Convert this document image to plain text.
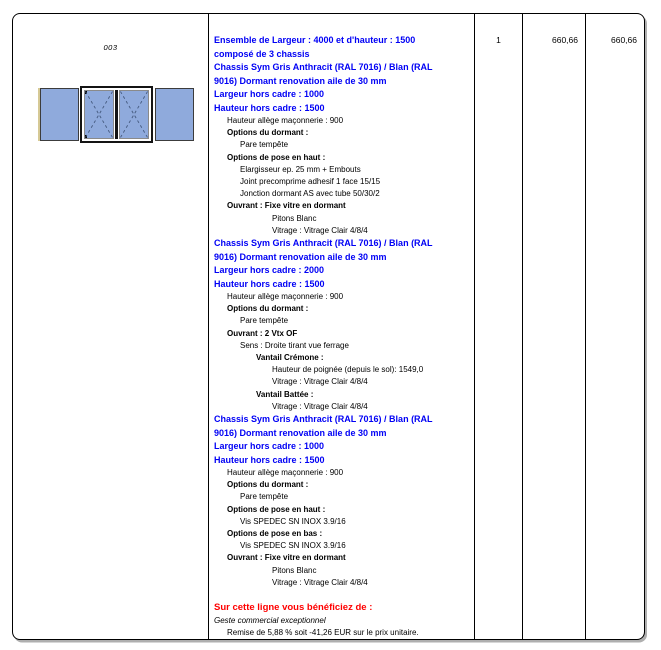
003
Ensemble de Largeur : 4000 et d'hauteur : 1500
composé de 3 chassis
Chassis Sym Gris Anthracit (RAL 7016) / Blan (RAL
9016) Dormant renovation aile de 30 mm
Largeur hors cadre : 1000
Hauteur hors cadre : 1500
Hauteur allège maçonnerie : 900
Options du dormant :
Pare tempête
Options de pose en haut :
Elargisseur ep. 25 mm + Embouts
Joint precomprime adhesif 1 face 15/15
Jonction dormant AS avec tube 50/30/2
Ouvrant : Fixe vitre en dormant
Pitons Blanc
Vitrage : Vitrage Clair 4/8/4
Chassis Sym Gris Anthracit (RAL 7016) / Blan (RAL
9016) Dormant renovation aile de 30 mm
Largeur hors cadre : 2000
Hauteur hors cadre : 1500
Hauteur allège maçonnerie : 900
Options du dormant :
Pare tempête
Ouvrant : 2 Vtx OF
Sens : Droite tirant vue ferrage
Vantail Crémone :
Hauteur de poignée (depuis le sol): 1549,0
Vitrage : Vitrage Clair 4/8/4
Vantail Battée :
Vitrage : Vitrage Clair 4/8/4
Chassis Sym Gris Anthracit (RAL 7016) / Blan (RAL
9016) Dormant renovation aile de 30 mm
Largeur hors cadre : 1000
Hauteur hors cadre : 1500
Hauteur allège maçonnerie : 900
Options du dormant :
Pare tempête
Options de pose en haut :
Vis SPEDEC SN INOX 3.9/16
Options de pose en bas :
Vis SPEDEC SN INOX 3.9/16
Ouvrant : Fixe vitre en dormant
Pitons Blanc
Vitrage : Vitrage Clair 4/8/4
Sur cette ligne vous bénéficiez de :
Geste commercial exceptionnel
Remise de 5,88 % soit -41,26 EUR sur le prix unitaire.
1	660,66	660,66
